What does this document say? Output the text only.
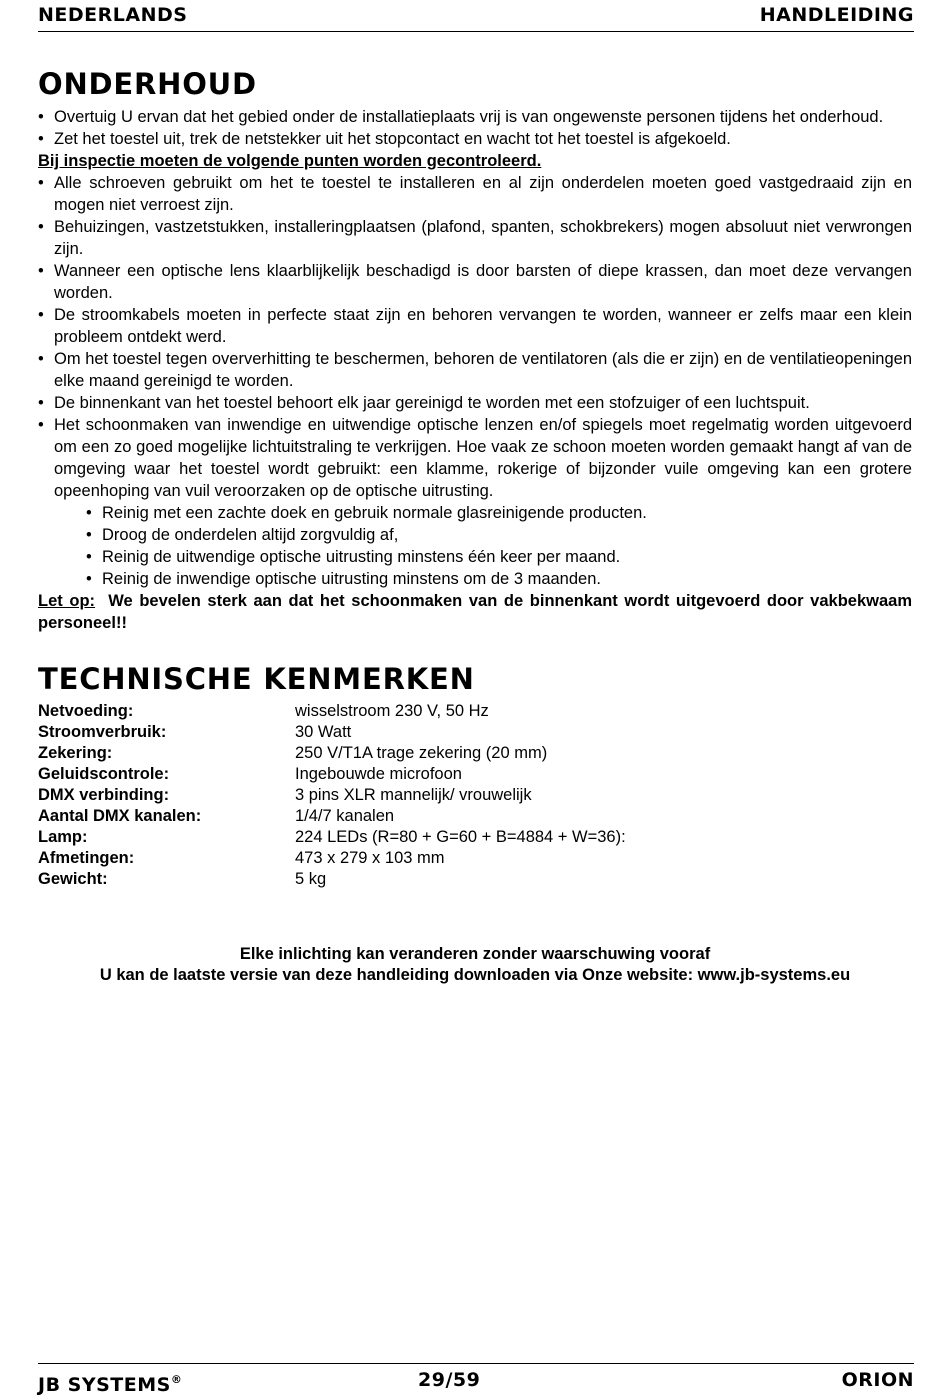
NEDERLANDS	HANDLEIDING
ONDERHOUD
• Overtuig U ervan dat het gebied onder de installatieplaats vrij is van ongewenste personen tijdens het onderhoud.
• Zet het toestel uit, trek de netstekker uit het stopcontact en wacht tot het toestel is afgekoeld.
Bij inspectie moeten de volgende punten worden gecontroleerd.
• Alle schroeven gebruikt om het te toestel te installeren en al zijn onderdelen moeten goed vastgedraaid zijn en mogen niet verroest zijn.
• Behuizingen, vastzetstukken, installeringplaatsen (plafond, spanten, schokbrekers) mogen absoluut niet verwrongen zijn.
• Wanneer een optische lens klaarblijkelijk beschadigd is door barsten of diepe krassen, dan moet deze vervangen worden.
• De stroomkabels moeten in perfecte staat zijn en behoren vervangen te worden, wanneer er zelfs maar een klein probleem ontdekt werd.
• Om het toestel tegen oververhitting te beschermen, behoren de ventilatoren (als die er zijn) en de ventilatieopeningen elke maand gereinigd te worden.
• De binnenkant van het toestel behoort elk jaar gereinigd te worden met een stofzuiger of een luchtspuit.
• Het schoonmaken van inwendige en uitwendige optische lenzen en/of spiegels moet regelmatig worden uitgevoerd om een zo goed mogelijke lichtuitstraling te verkrijgen. Hoe vaak ze schoon moeten worden gemaakt hangt af van de omgeving waar het toestel wordt gebruikt: een klamme, rokerige of bijzonder vuile omgeving kan een grotere opeenhoping van vuil veroorzaken op de optische uitrusting.
• Reinig met een zachte doek en gebruik normale glasreinigende producten.
• Droog de onderdelen altijd zorgvuldig af,
• Reinig de uitwendige optische uitrusting minstens één keer per maand.
• Reinig de inwendige optische uitrusting minstens om de 3 maanden.
Let op: We bevelen sterk aan dat het schoonmaken van de binnenkant wordt uitgevoerd door vakbekwaam personeel!!
TECHNISCHE KENMERKEN
Netvoeding:	wisselstroom 230 V, 50 Hz
Stroomverbruik:	30 Watt
Zekering:	250 V/T1A trage zekering (20 mm)
Geluidscontrole:	Ingebouwde microfoon
DMX verbinding:	3 pins XLR mannelijk/ vrouwelijk
Aantal DMX kanalen:	1/4/7 kanalen
Lamp:	224 LEDs (R=80 + G=60 + B=4884 + W=36):
Afmetingen:	473 x 279 x 103 mm
Gewicht:	5 kg
Elke inlichting kan veranderen zonder waarschuwing vooraf
U kan de laatste versie van deze handleiding downloaden via Onze website: www.jb-systems.eu
JB SYSTEMS®	29/59	ORION
